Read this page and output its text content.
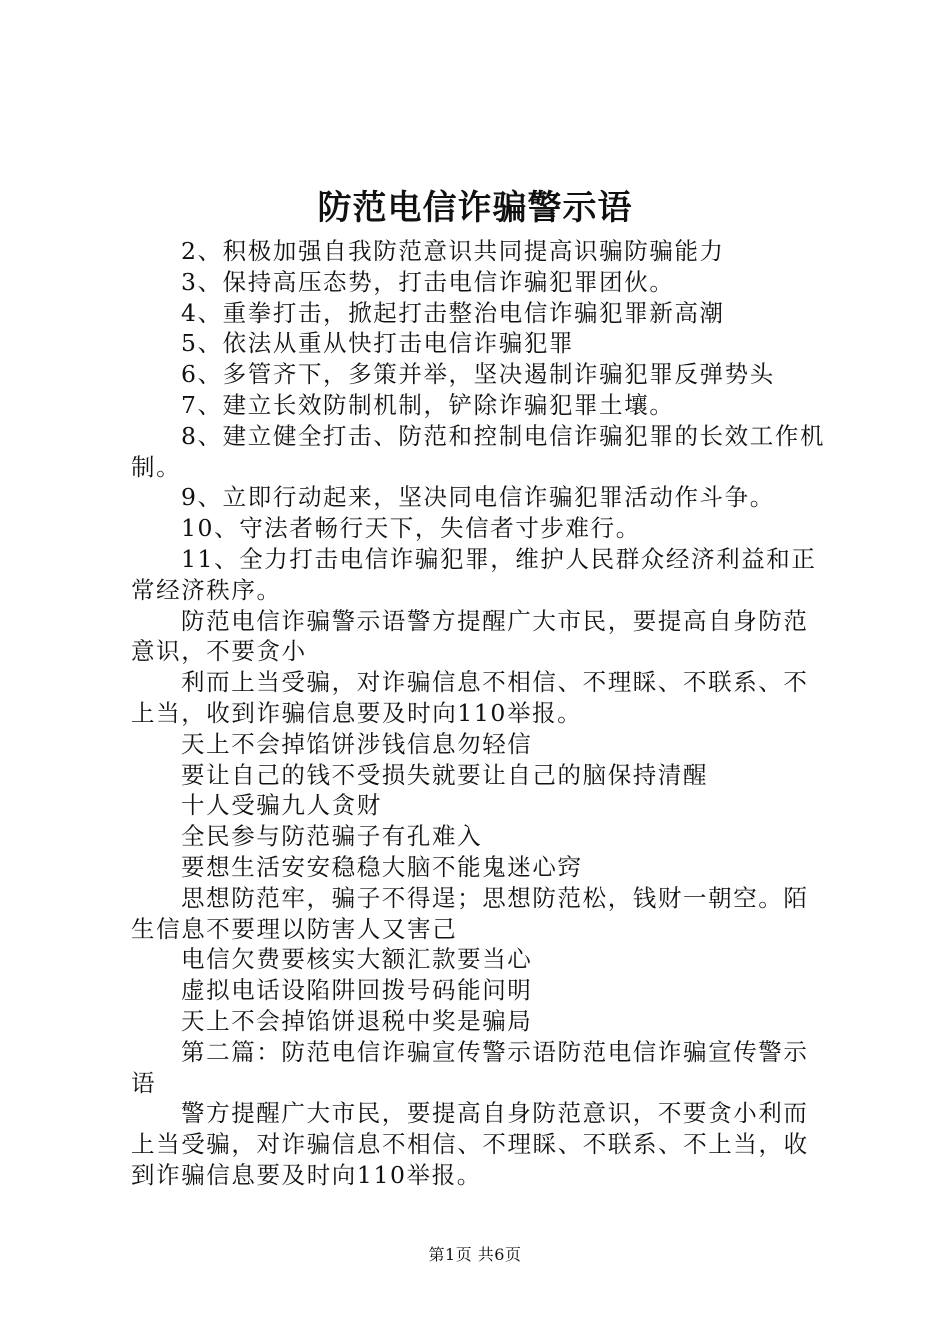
防范电信诈骗警示语

2、积极加强自我防范意识共同提高识骗防骗能力

3、保持高压态势，打击电信诈骗犯罪团伙。

4、重拳打击，掀起打击整治电信诈骗犯罪新高潮

5、依法从重从快打击电信诈骗犯罪

6、多管齐下，多策并举，坚决遏制诈骗犯罪反弹势头

7、建立长效防制机制，铲除诈骗犯罪土壤。

8、建立健全打击、防范和控制电信诈骗犯罪的长效工作机制。

9、立即行动起来，坚决同电信诈骗犯罪活动作斗争。

10、守法者畅行天下，失信者寸步难行。

11、全力打击电信诈骗犯罪，维护人民群众经济利益和正常经济秩序。

防范电信诈骗警示语警方提醒广大市民，要提高自身防范意识，不要贪小

利而上当受骗，对诈骗信息不相信、不理睬、不联系、不上当，收到诈骗信息要及时向110举报。

天上不会掉馅饼涉钱信息勿轻信

要让自己的钱不受损失就要让自己的脑保持清醒

十人受骗九人贪财

全民参与防范骗子有孔难入

要想生活安安稳稳大脑不能鬼迷心窍

思想防范牢，骗子不得逞；思想防范松，钱财一朝空。陌生信息不要理以防害人又害己

电信欠费要核实大额汇款要当心

虚拟电话设陷阱回拨号码能问明

天上不会掉馅饼退税中奖是骗局

第二篇：防范电信诈骗宣传警示语防范电信诈骗宣传警示语

警方提醒广大市民，要提高自身防范意识，不要贪小利而上当受骗，对诈骗信息不相信、不理睬、不联系、不上当，收到诈骗信息要及时向110举报。

第1页 共6页
